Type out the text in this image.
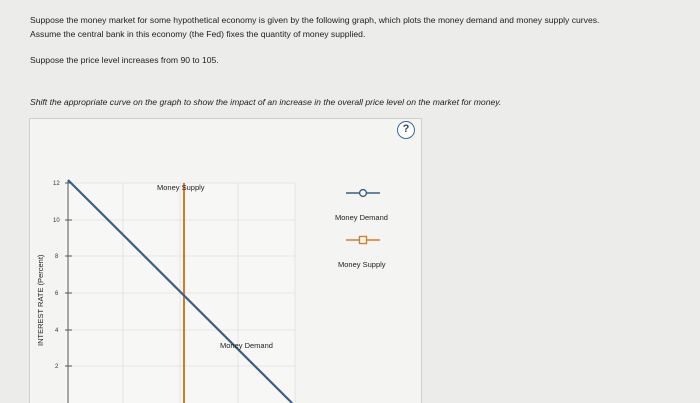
Suppose the money market for some hypothetical economy is given by the following graph, which plots the money demand and money supply curves.

Assume the central bank in this economy (the Fed) fixes the quantity of money supplied.

Suppose the price level increases from 90 to 105.
Shift the appropriate curve on the graph to show the impact of an increase in the overall price level on the market for money.
?
12
10
8
6
4
2
INTEREST RATE (Percent)
Money Supply
Money Demand
Money Demand
Money Supply
